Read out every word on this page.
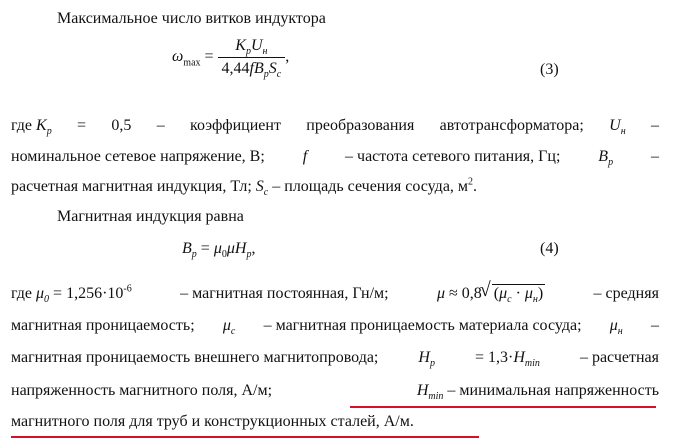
Максимальное число витков индуктора
$\omega_{max} = \frac{K_pU_н}{4,44fB_pS_c}$ ,
(3)
где $K_p = 0,5$ – коэффициент преобразования автотрансформатора; $U_н$ –
номинальное сетевое напряжение, В; f – частота сетевого питания, Гц; $B_p$ –
расчетная магнитная индукция, Тл; $S_c$ – площадь сечения сосуда, $м^2$.
Магнитная индукция равна
$B_p = \mu_0\mu H_p$,	(4)
где $\mu_0 = 1,256\cdot 10^{-6}$	– магнитная постоянная, Гн/м;	μ ≈ 0,8√ $(\mu_c \cdot \mu_н)$	– средняя
магнитная проницаемость; $\mu_c$ – магнитная проницаемость материала сосуда; $\mu_н$ –
магнитная проницаемость внешнего магнитопровода;	$H_p$	= $1,3\cdot H_{min}$	– расчетная
напряженность магнитного поля, А/м;	$H_{min}$ – минимальная напряженность
магнитного поля для труб и конструкционных сталей, А/м.
